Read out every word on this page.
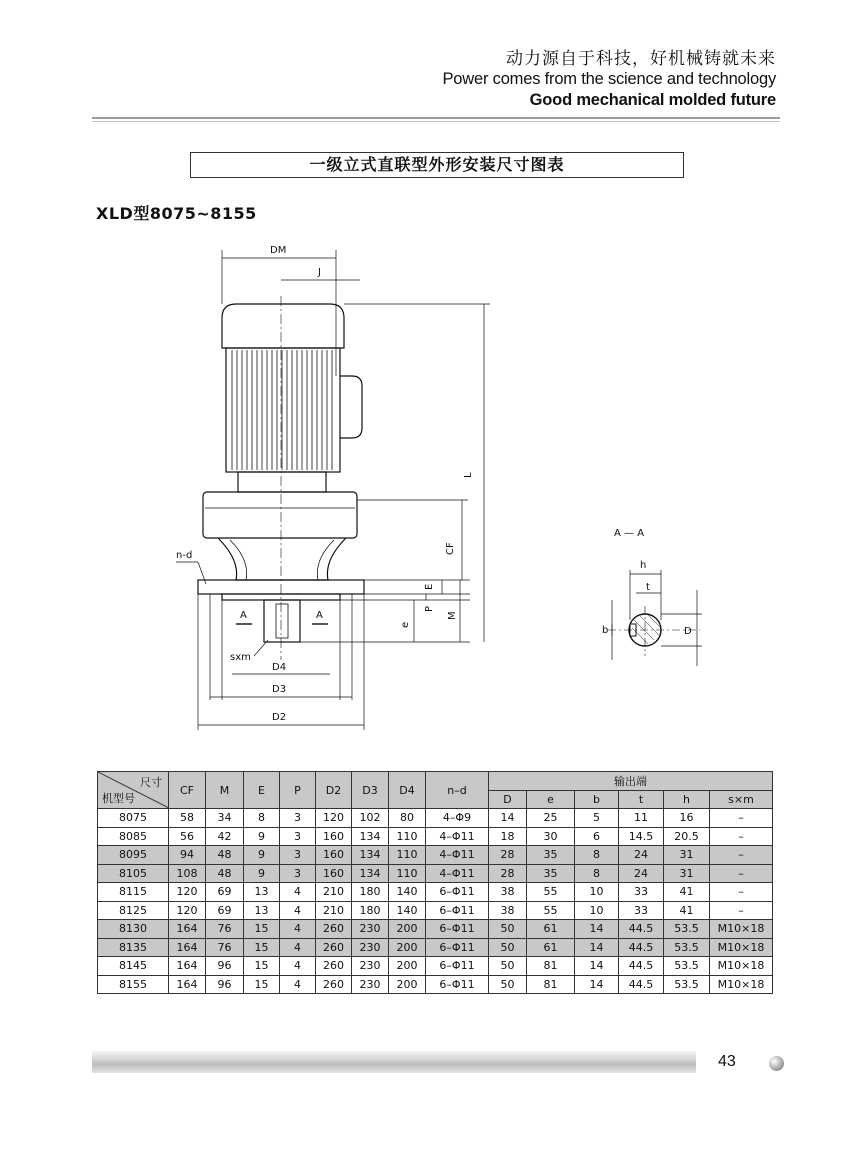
动力源自于科技，好机械铸就未来
Power comes from the science and technology
Good mechanical molded future
一级立式直联型外形安装尺寸图表
XLD型8075~8155
DM
J
L
CF
E
P
M
e
n-d
A	A
sxm
D4
D3
D2
A — A
h
t
b	D
尺寸
机型号	CF	M	E	P	D2	D3	D4	n–d	输出端					
									D	e	b	t	h	s×m
8075	58	34	8	3	120	102	80	4–Φ9	14	25	5	11	16	–
8085	56	42	9	3	160	134	110	4–Φ11	18	30	6	14.5	20.5	–
8095	94	48	9	3	160	134	110	4–Φ11	28	35	8	24	31	–
8105	108	48	9	3	160	134	110	4–Φ11	28	35	8	24	31	–
8115	120	69	13	4	210	180	140	6–Φ11	38	55	10	33	41	–
8125	120	69	13	4	210	180	140	6–Φ11	38	55	10	33	41	–
8130	164	76	15	4	260	230	200	6–Φ11	50	61	14	44.5	53.5	M10×18
8135	164	76	15	4	260	230	200	6–Φ11	50	61	14	44.5	53.5	M10×18
8145	164	96	15	4	260	230	200	6–Φ11	50	81	14	44.5	53.5	M10×18
8155	164	96	15	4	260	230	200	6–Φ11	50	81	14	44.5	53.5	M10×18
43
